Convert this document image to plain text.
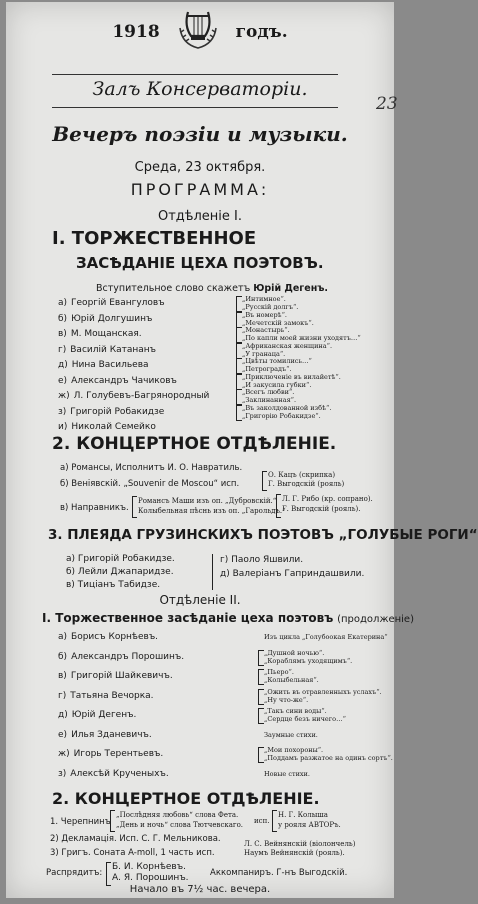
1918	годъ.
Залъ Консерваторіи.
23
Вечеръ поэзіи и музыки.
Среда, 23 октября.
ПРОГРАММА:
Отдѣленіе I.
I. ТОРЖЕСТВЕННОЕ
ЗАСѢДАНІЕ ЦЕХА ПОЭТОВЪ.
Вступительное слово скажетъ Юрій Дегенъ.
а) Георгій Евангуловъ	„Интимное“.
„Русскій долгъ“.
б) Юрій Долгушинъ	„Въ номерѣ“.
„Мечетскій замокъ“.
в) М. Мощанская.	„Монастырь“.
„По капли моей жизни уходятъ…“
г) Василій Катананъ	„Африканская женщина“.
„У гранаца“.
д) Нина Васильева	„Цвѣты томились…“
„Петроградъ“.
е) Александръ Чачиковъ	„Приключеніе въ вилайетѣ“.
„И закусила губки“.
ж) Л. Голубевъ-Багрянородный	„Всегъ любви“.
„Заклинанная“.
з) Григорій Робакидзе	„Въ заколдованной избѣ“.
„Григорію Робакидзе“.
и) Николай Семейко
2. КОНЦЕРТНОЕ ОТДѢЛЕНІЕ.
а) Романсы, Исполнитъ И. О. Навратиль.
б) Веніявскій. „Souvenir de Moscou“ исп.
О. Кацъ (скрипка)
Г. Выгодскій (рояль)
в) Направникъ.
Романсъ Маши изъ оп. „Дубровскій.“
Колыбельная пѣснь изъ оп. „Гарольдъ.“
Л. Г. Рибо (кр. сопрано).
Г. Выгодскій (рояль).
3. ПЛЕЯДА ГРУЗИНСКИХЪ ПОЭТОВЪ „ГОЛУБЫЕ РОГИ“
а) Григорій Робакидзе.
б) Лейли Джапаридзе.
в) Тиціанъ Табидзе.
г) Паоло Яшвили.
д) Валеріанъ Гаприндашвили.
Отдѣленіе II.
I. Торжественное засѣданіе цеха поэтовъ (продолженіе)
а) Борисъ Корнѣевъ.	Изъ цикла „Голубоокая Екатерина“
б) Александръ Порошинъ.	„Душной ночью“.
„Кораблямъ уходящимъ“.
в) Григорій Шайкевичъ.	„Пьеро“.
„Колыбельная“.
г) Татьяна Вечорка.	„Ожить въ отравленныхъ услахъ“.
„Ну что-же“.
д) Юрій Дегенъ.	„Такъ сини воды“.
„Сердце безъ ничего…“
е) Илья Зданевичъ.	Заумные стихи.
ж) Игорь Терентьевъ.	„Мои похороны“.
„Поддамъ разжатое на одинъ сортъ“.
з) Алексѣй Крученыхъ.	Новые стихи.
2. КОНЦЕРТНОЕ ОТДѢЛЕНІЕ.
1. Черепнинъ
„Послѣдняя любовь“ слова Фета.
„День и ночь“ слова Тютчевскаго. исп.
Н. Г. Колыша
у рояля АВТОРъ.
2) Декламація. Исп. С. Г. Мельникова.
3) Григъ. Соната A-moll, 1 часть исп.
Л. С. Вейнянскій (віолончель)
Наумъ Вейнянскій (рояль).
Распрядитъ:
Б. И. Корнѣевъ.
А. Я. Порошинъ.	Аккомпаниръ. Г-нъ Выгодскій.
Начало въ 7½ час. вечера.
